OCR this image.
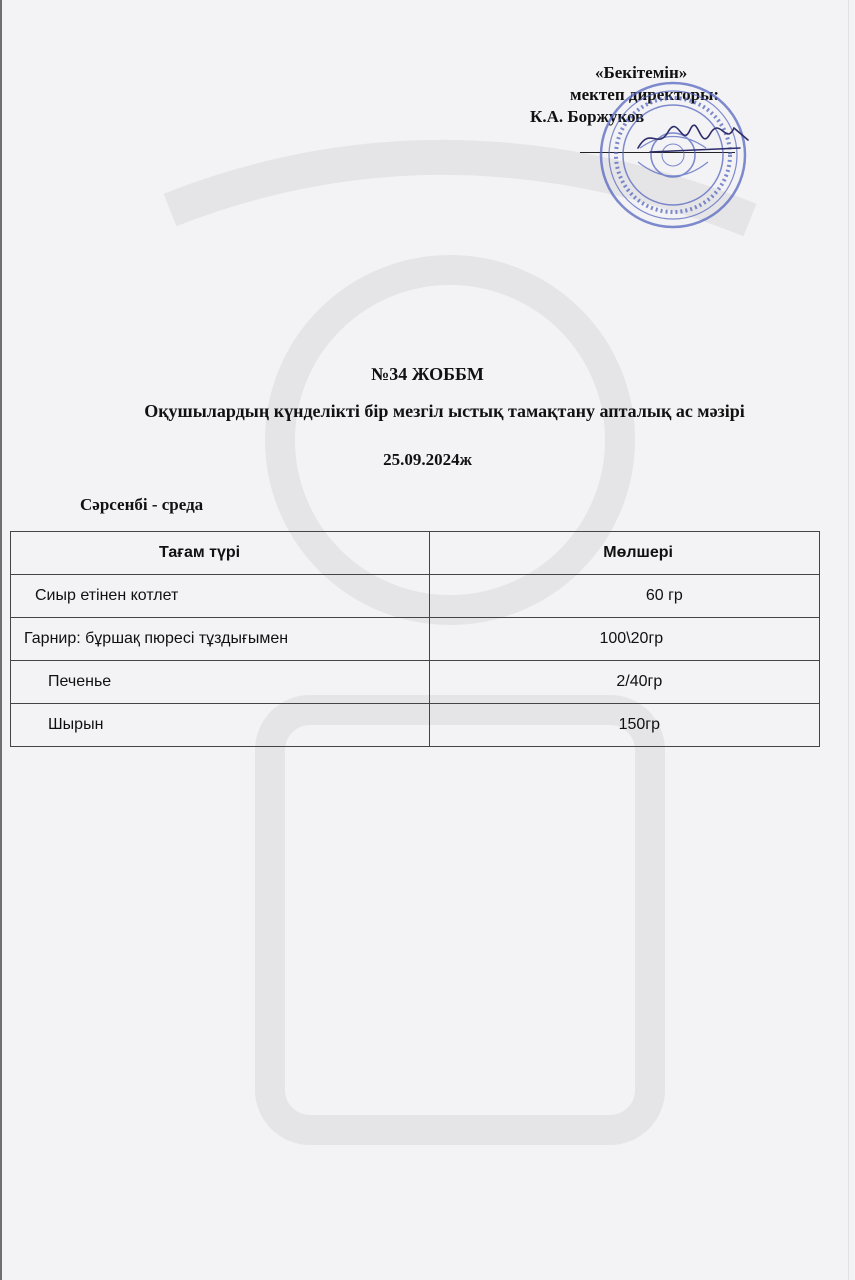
«Бекітемін»
мектеп директоры:
К.А. Боржуков
№34 ЖОББМ
Оқушылардың күнделікті бір мезгіл ыстық тамақтану апталық ас мәзірі
25.09.2024ж
Сәрсенбі - среда
Тағам түрі	Мөлшері
Сиыр етінен котлет	60 гр
Гарнир: бұршақ пюресі тұздығымен	100\20гр
Печенье	2/40гр
Шырын	150гр
